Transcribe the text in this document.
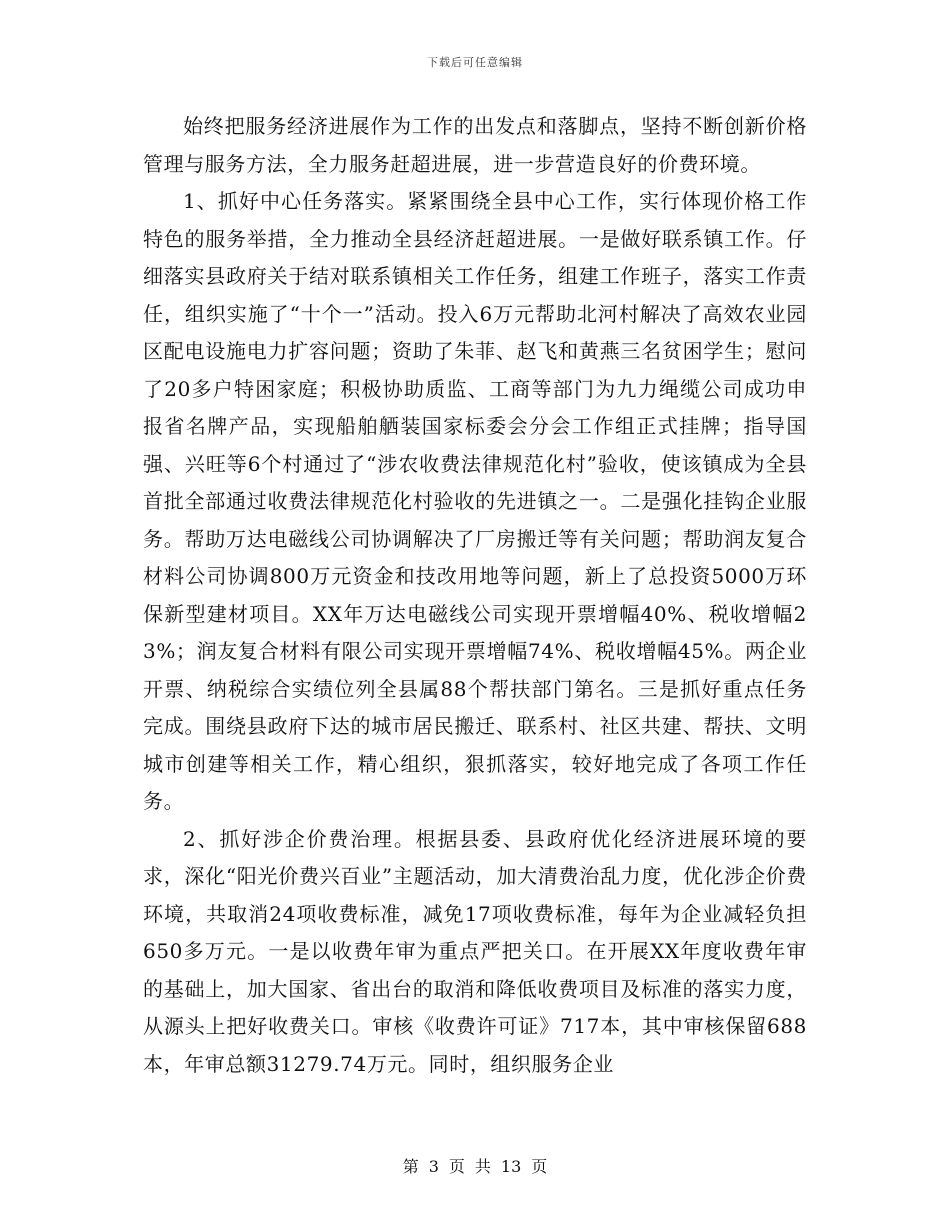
下载后可任意编辑

始终把服务经济进展作为工作的出发点和落脚点，坚持不断创新价格管理与服务方法，全力服务赶超进展，进一步营造良好的价费环境。

1、抓好中心任务落实。紧紧围绕全县中心工作，实行体现价格工作特色的服务举措，全力推动全县经济赶超进展。一是做好联系镇工作。仔细落实县政府关于结对联系镇相关工作任务，组建工作班子，落实工作责任，组织实施了“十个一”活动。投入6万元帮助北河村解决了高效农业园区配电设施电力扩容问题；资助了朱菲、赵飞和黄燕三名贫困学生；慰问了20多户特困家庭；积极协助质监、工商等部门为九力绳缆公司成功申报省名牌产品，实现船舶舾装国家标委会分会工作组正式挂牌；指导国强、兴旺等6个村通过了“涉农收费法律规范化村”验收，使该镇成为全县首批全部通过收费法律规范化村验收的先进镇之一。二是强化挂钩企业服务。帮助万达电磁线公司协调解决了厂房搬迁等有关问题；帮助润友复合材料公司协调800万元资金和技改用地等问题，新上了总投资5000万环保新型建材项目。XX年万达电磁线公司实现开票增幅40%、税收增幅23%；润友复合材料有限公司实现开票增幅74%、税收增幅45%。两企业开票、纳税综合实绩位列全县属88个帮扶部门第名。三是抓好重点任务完成。围绕县政府下达的城市居民搬迁、联系村、社区共建、帮扶、文明城市创建等相关工作，精心组织，狠抓落实，较好地完成了各项工作任务。

2、抓好涉企价费治理。根据县委、县政府优化经济进展环境的要求，深化“阳光价费兴百业”主题活动，加大清费治乱力度，优化涉企价费环境，共取消24项收费标准，减免17项收费标准，每年为企业减轻负担650多万元。一是以收费年审为重点严把关口。在开展XX年度收费年审的基础上，加大国家、省出台的取消和降低收费项目及标准的落实力度，从源头上把好收费关口。审核《收费许可证》717本，其中审核保留688本，年审总额31279.74万元。同时，组织服务企业

第 3 页 共 13 页
